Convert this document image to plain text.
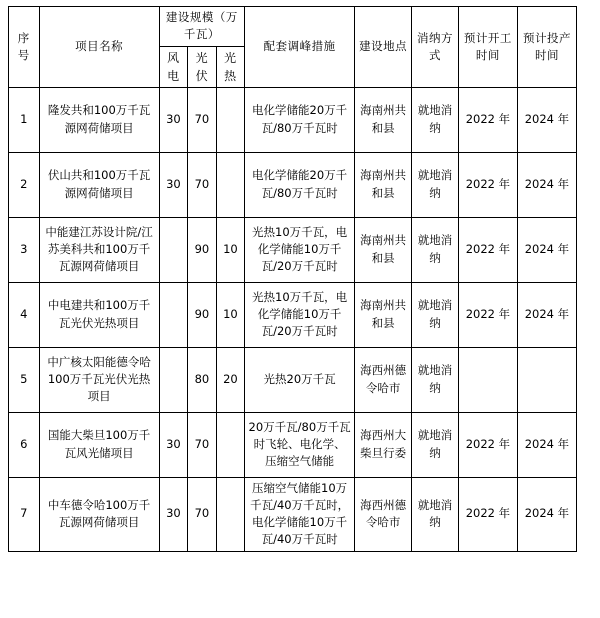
序号	项目名称	建设规模（万千瓦）			配套调峰措施	建设地点	消纳方式	预计开工时间	预计投产时间
		风电	光伏	光热					
1	隆发共和100万千瓦源网荷储项目	30	70		电化学储能20万千瓦/80万千瓦时	海南州共和县	就地消纳	2022 年	2024 年
2	伏山共和100万千瓦源网荷储项目	30	70		电化学储能20万千瓦/80万千瓦时	海南州共和县	就地消纳	2022 年	2024 年
3	中能建江苏设计院/江苏美科共和100万千瓦源网荷储项目		90	10	光热10万千瓦，电化学储能10万千瓦/20万千瓦时	海南州共和县	就地消纳	2022 年	2024 年
4	中电建共和100万千瓦光伏光热项目		90	10	光热10万千瓦，电化学储能10万千瓦/20万千瓦时	海南州共和县	就地消纳	2022 年	2024 年
5	中广核太阳能德令哈100万千瓦光伏光热项目		80	20	光热20万千瓦	海西州德令哈市	就地消纳		
6	国能大柴旦100万千瓦风光储项目	30	70		20万千瓦/80万千瓦时飞轮、电化学、压缩空气储能	海西州大柴旦行委	就地消纳	2022 年	2024 年
7	中车德令哈100万千瓦源网荷储项目	30	70		压缩空气储能10万千瓦/40万千瓦时，电化学储能10万千瓦/40万千瓦时	海西州德令哈市	就地消纳	2022 年	2024 年
